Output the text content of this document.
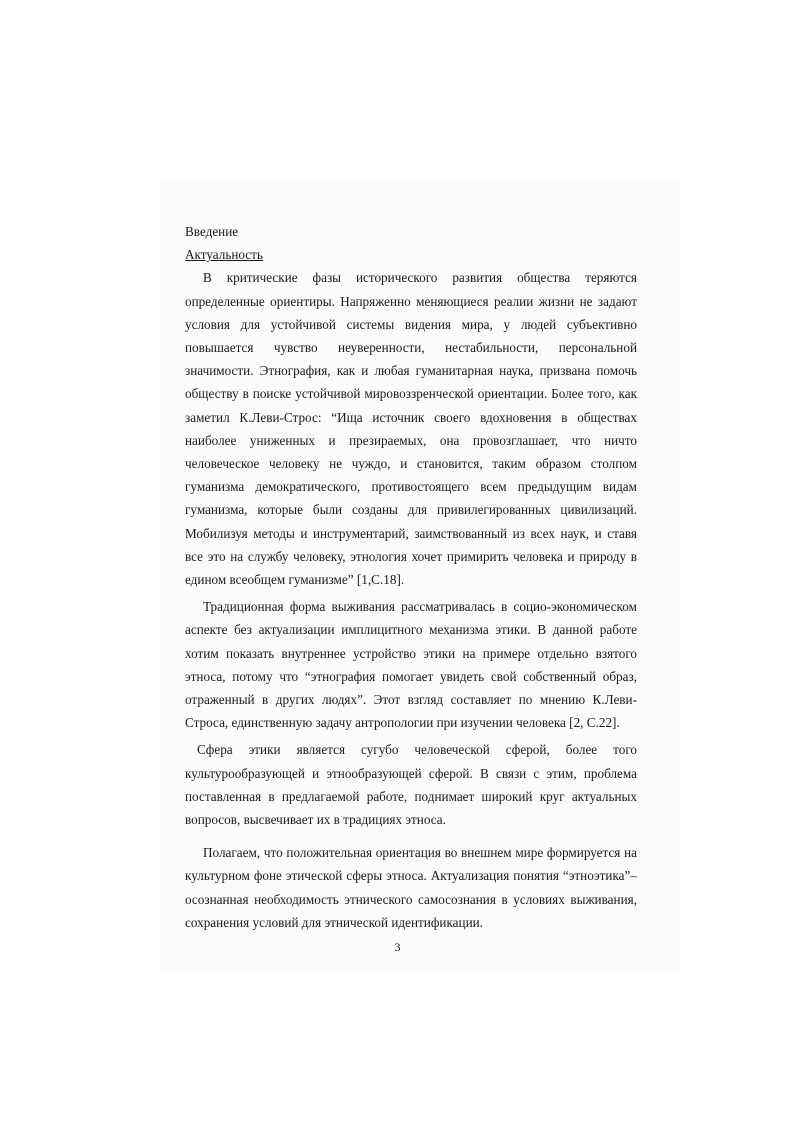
Введение

Актуальность

В критические фазы исторического развития общества теряются определенные ориентиры. Напряженно меняющиеся реалии жизни не задают условия для устойчивой системы видения мира, у людей субъективно повышается чувство неуверенности, нестабильности, персональной значимости. Этнография, как и любая гуманитарная наука, призвана помочь обществу в поиске устойчивой мировоззренческой ориентации. Более того, как заметил К.Леви-Строс: “Ища источник своего вдохновения в обществах наиболее униженных и презираемых, она провозглашает, что ничто человеческое человеку не чуждо, и становится, таким образом столпом гуманизма демократического, противостоящего всем предыдущим видам гуманизма, которые были созданы для привилегированных цивилизаций. Мобилизуя методы и инструментарий, заимствованный из всех наук, и ставя все это на службу человеку, этнология хочет примирить человека и природу в едином всеобщем гуманизме” [1,С.18].

Традиционная форма выживания рассматривалась в социо-экономическом аспекте без актуализации имплицитного механизма этики. В данной работе хотим показать внутреннее устройство этики на примере отдельно взятого этноса, потому что “этнография помогает увидеть свой собственный образ, отраженный в других людях”. Этот взгляд составляет по мнению К.Леви-Строса, единственную задачу антропологии при изучении человека [2, С.22].

Сфера этики является сугубо человеческой сферой, более того культурообразующей и этнообразующей сферой. В связи с этим, проблема поставленная в предлагаемой работе, поднимает широкий круг актуальных вопросов, высвечивает их в традициях этноса.

Полагаем, что положительная ориентация во внешнем мире формируется на культурном фоне этической сферы этноса. Актуализация понятия “этноэтика”– осознанная необходимость этнического самосознания в условиях выживания, сохранения условий для этнической идентификации.

3
